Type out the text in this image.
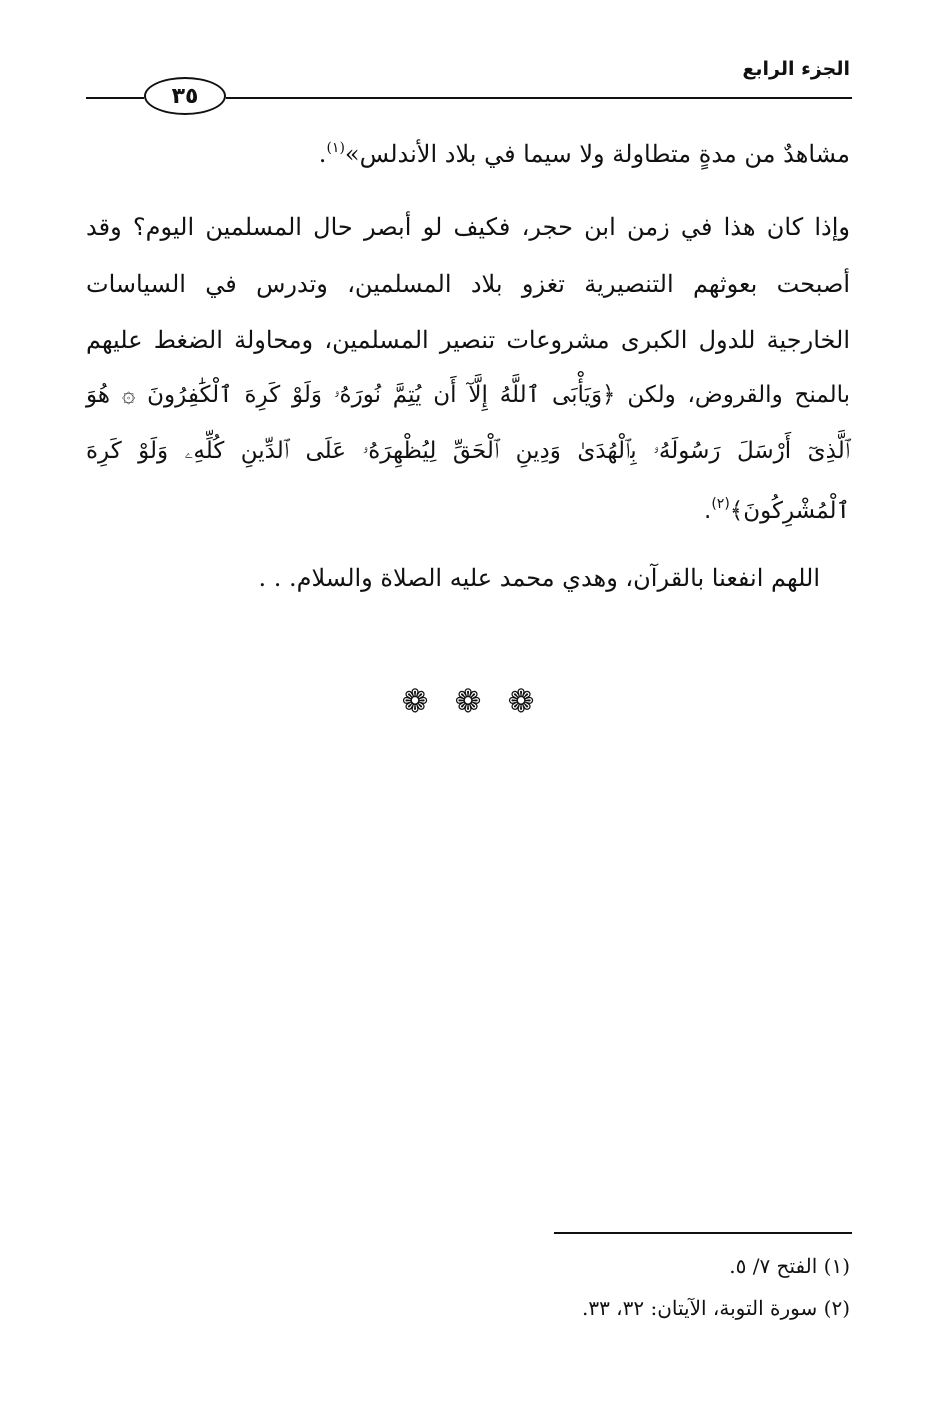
الجزء الرابع
٣٥
مشاهدٌ من مدةٍ متطاولة ولا سيما في بلاد الأندلس»$^{(١)}$.
وإذا كان هذا في زمن ابن حجر، فكيف لو أبصر حال المسلمين اليوم؟ وقد
أصبحت بعوثهم التنصيرية تغزو بلاد المسلمين، وتدرس في السياسات
الخارجية للدول الكبرى مشروعات تنصير المسلمين، ومحاولة الضغط عليهم
بالمنح والقروض، ولكن ﴿وَيَأْبَى ٱللَّهُ إِلَّآ أَن يُتِمَّ نُورَهُۥ وَلَوْ كَرِهَ ٱلْكَٰفِرُونَ ۞ هُوَ
ٱلَّذِىٓ أَرْسَلَ رَسُولَهُۥ بِٱلْهُدَىٰ وَدِينِ ٱلْحَقِّ لِيُظْهِرَهُۥ عَلَى ٱلدِّينِ كُلِّهِۦ وَلَوْ كَرِهَ
ٱلْمُشْرِكُونَ﴾$^{(٢)}$.
اللهم انفعنا بالقرآن، وهدي محمد عليه الصلاة والسلام. . .
❁ ❁ ❁
(١) الفتح ٧/ ٥.
(٢) سورة التوبة، الآيتان: ٣٢، ٣٣.
